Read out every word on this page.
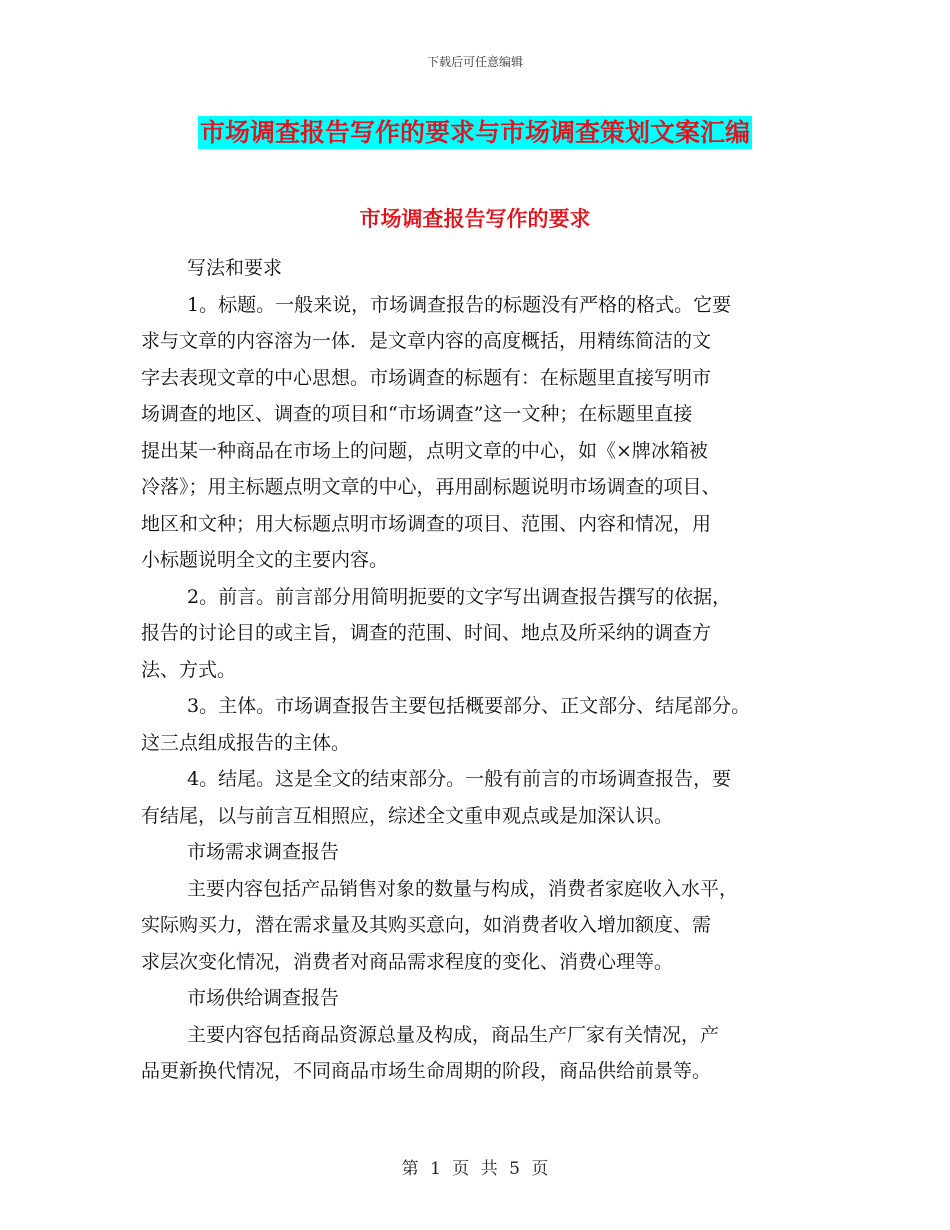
下载后可任意编辑
市场调查报告写作的要求与市场调查策划文案汇编
市场调查报告写作的要求
写法和要求
1。标题。一般来说，市场调查报告的标题没有严格的格式。它要
求与文章的内容溶为一体．是文章内容的高度概括，用精练简洁的文
字去表现文章的中心思想。市场调查的标题有：在标题里直接写明市
场调查的地区、调查的项目和“市场调查”这一文种；在标题里直接
提出某一种商品在市场上的问题，点明文章的中心，如《×牌冰箱被
冷落》；用主标题点明文章的中心，再用副标题说明市场调查的项目、
地区和文种；用大标题点明市场调查的项目、范围、内容和情况，用
小标题说明全文的主要内容。
2。前言。前言部分用简明扼要的文字写出调查报告撰写的依据，
报告的讨论目的或主旨，调查的范围、时间、地点及所采纳的调查方
法、方式。
3。主体。市场调查报告主要包括概要部分、正文部分、结尾部分。
这三点组成报告的主体。
4。结尾。这是全文的结束部分。一般有前言的市场调查报告，要
有结尾，以与前言互相照应，综述全文重申观点或是加深认识。
市场需求调查报告
主要内容包括产品销售对象的数量与构成，消费者家庭收入水平，
实际购买力，潜在需求量及其购买意向，如消费者收入增加额度、需
求层次变化情况，消费者对商品需求程度的变化、消费心理等。
市场供给调查报告
主要内容包括商品资源总量及构成，商品生产厂家有关情况，产
品更新换代情况，不同商品市场生命周期的阶段，商品供给前景等。
第 1 页 共 5 页
